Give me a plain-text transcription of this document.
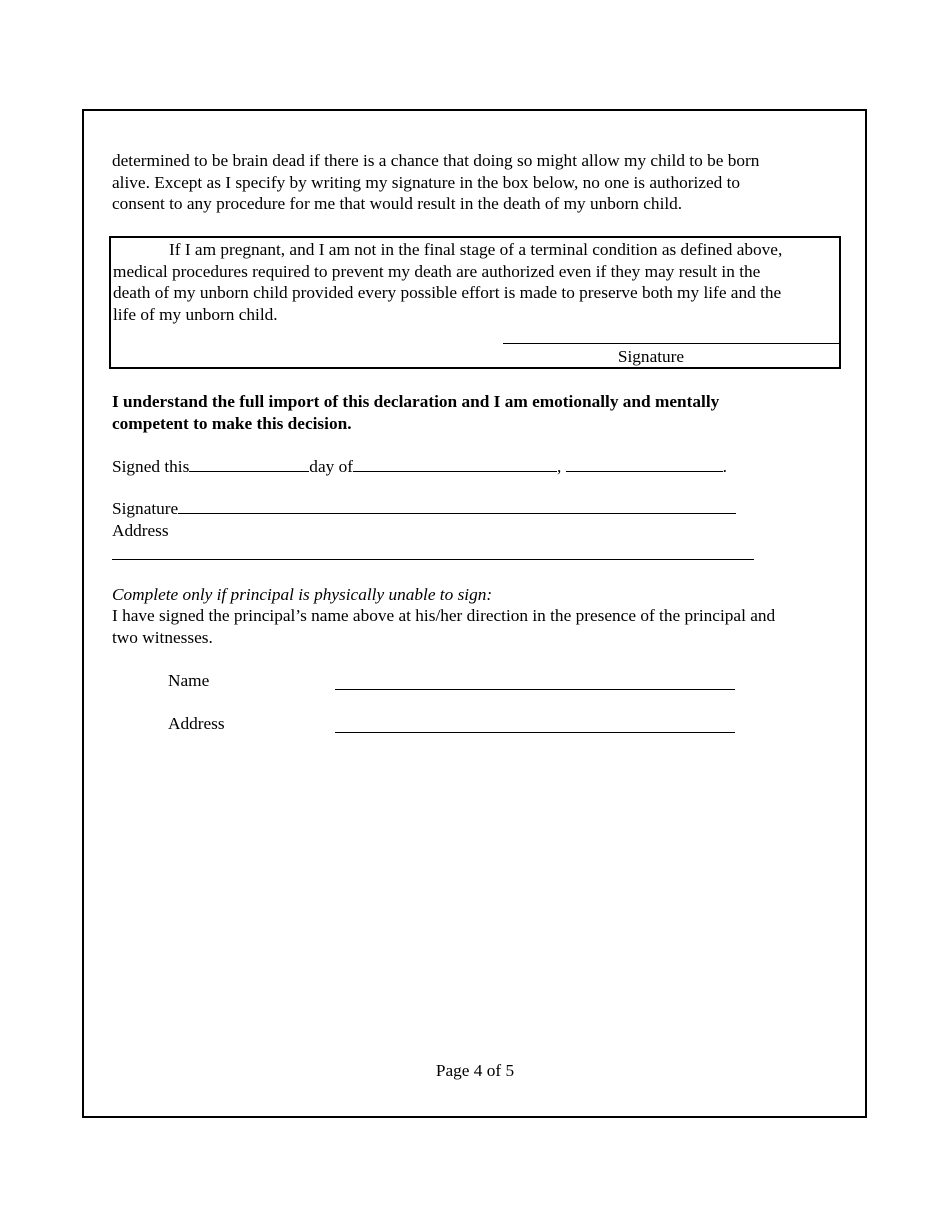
determined to be brain dead if there is a chance that doing so might allow my child to be born
alive. Except as I specify by writing my signature in the box below, no one is authorized to
consent to any procedure for me that would result in the death of my unborn child.
If I am pregnant, and I am not in the final stage of a terminal condition as defined above,
medical procedures required to prevent my death are authorized even if they may result in the
death of my unborn child provided every possible effort is made to preserve both my life and the
life of my unborn child.
Signature
I understand the full import of this declaration and I am emotionally and mentally
competent to make this decision.
Signed this	day of	,	.
Signature
Address
Complete only if principal is physically unable to sign:
I have signed the principal’s name above at his/her direction in the presence of the principal and
two witnesses.
Name
Address
Page 4 of 5
